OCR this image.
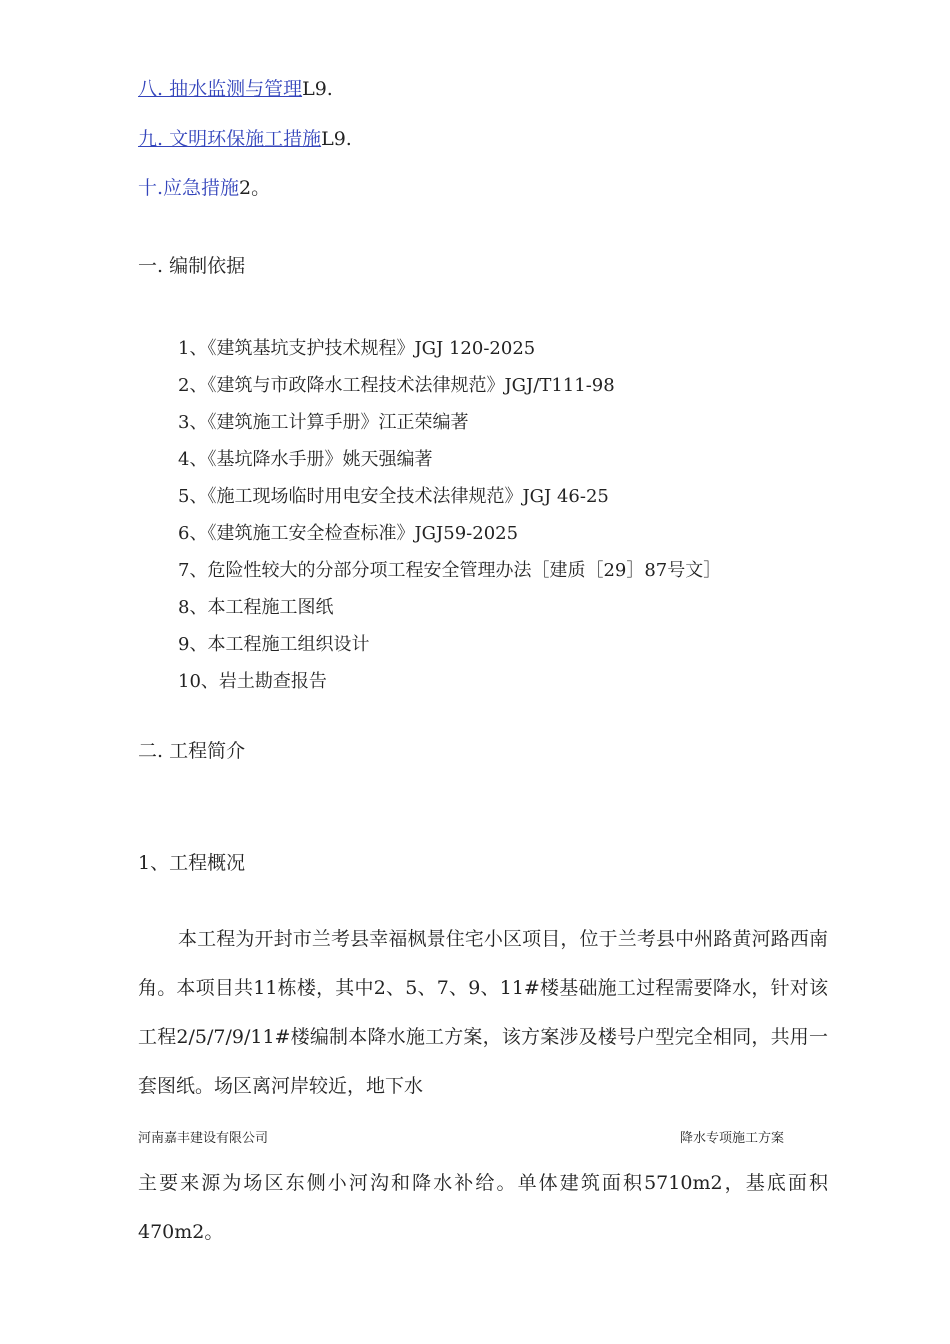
八. 抽水监测与管理L9.
九. 文明环保施工措施L9.
十.应急措施2。
一. 编制依据
1、《建筑基坑支护技术规程》JGJ 120-2025
2、《建筑与市政降水工程技术法律规范》JGJ/T111-98
3、《建筑施工计算手册》江正荣编著
4、《基坑降水手册》姚天强编著
5、《施工现场临时用电安全技术法律规范》JGJ 46-25
6、《建筑施工安全检查标准》JGJ59-2025
7、危险性较大的分部分项工程安全管理办法［建质［29］87号文］
8、本工程施工图纸
9、本工程施工组织设计
10、岩土勘查报告
二. 工程简介
1、工程概况
本工程为开封市兰考县幸福枫景住宅小区项目，位于兰考县中州路黄河路西南角。本项目共11栋楼，其中2、5、7、9、11#楼基础施工过程需要降水，针对该工程2/5/7/9/11#楼编制本降水施工方案，该方案涉及楼号户型完全相同，共用一套图纸。场区离河岸较近，地下水
河南嘉丰建设有限公司	降水专项施工方案
主要来源为场区东侧小河沟和降水补给。单体建筑面积5710m2，基底面积470m2。
